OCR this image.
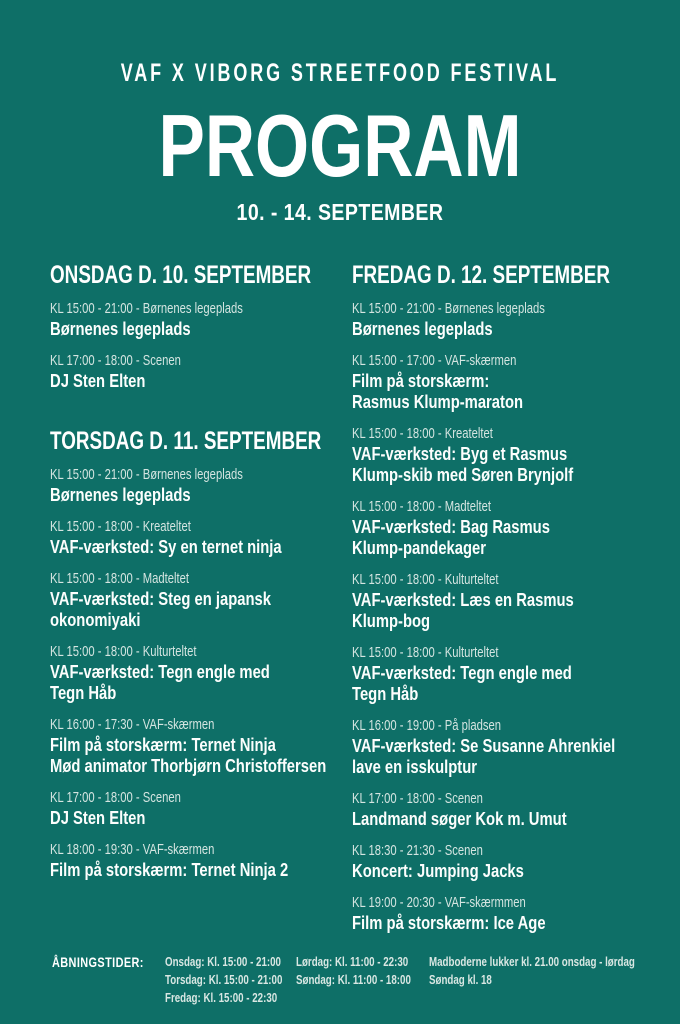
VAF X VIBORG STREETFOOD FESTIVAL
PROGRAM
10. - 14. SEPTEMBER
ONSDAG D. 10. SEPTEMBER
KL 15:00 - 21:00 - Børnenes legeplads
Børnenes legeplads
KL 17:00 - 18:00 - Scenen
DJ Sten Elten
TORSDAG D. 11. SEPTEMBER
KL 15:00 - 21:00 - Børnenes legeplads
Børnenes legeplads
KL 15:00 - 18:00 - Kreateltet
VAF-værksted: Sy en ternet ninja
KL 15:00 - 18:00 - Madteltet
VAF-værksted: Steg en japansk
okonomiyaki
KL 15:00 - 18:00 - Kulturteltet
VAF-værksted: Tegn engle med
Tegn Håb
KL 16:00 - 17:30 - VAF-skærmen
Film på storskærm: Ternet Ninja
Mød animator Thorbjørn Christoffersen
KL 17:00 - 18:00 - Scenen
DJ Sten Elten
KL 18:00 - 19:30 - VAF-skærmen
Film på storskærm: Ternet Ninja 2
FREDAG D. 12. SEPTEMBER
KL 15:00 - 21:00 - Børnenes legeplads
Børnenes legeplads
KL 15:00 - 17:00 - VAF-skærmen
Film på storskærm:
Rasmus Klump-maraton
KL 15:00 - 18:00 - Kreateltet
VAF-værksted: Byg et Rasmus
Klump-skib med Søren Brynjolf
KL 15:00 - 18:00 - Madteltet
VAF-værksted: Bag Rasmus
Klump-pandekager
KL 15:00 - 18:00 - Kulturteltet
VAF-værksted: Læs en Rasmus
Klump-bog
KL 15:00 - 18:00 - Kulturteltet
VAF-værksted: Tegn engle med
Tegn Håb
KL 16:00 - 19:00 - På pladsen
VAF-værksted: Se Susanne Ahrenkiel
lave en isskulptur
KL 17:00 - 18:00 - Scenen
Landmand søger Kok m. Umut
KL 18:30 - 21:30 - Scenen
Koncert: Jumping Jacks
KL 19:00 - 20:30 - VAF-skærmmen
Film på storskærm: Ice Age
ÅBNINGSTIDER: Onsdag: Kl. 15:00 - 21:00
Torsdag: Kl. 15:00 - 21:00
Fredag: Kl. 15:00 - 22:30
Lørdag: Kl. 11:00 - 22:30
Søndag: Kl. 11:00 - 18:00
Madboderne lukker kl. 21.00 onsdag - lørdag
Søndag kl. 18
